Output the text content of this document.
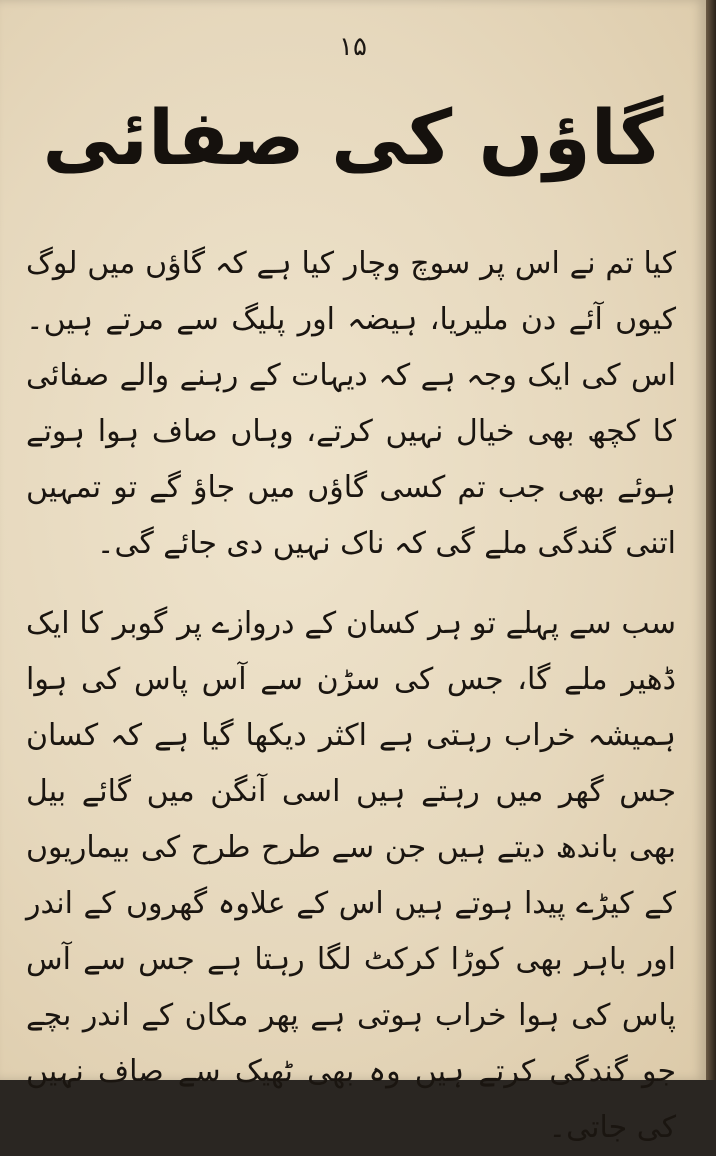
۱۵
گاؤں کی صفائی

کیا تم نے اس پر سوچ وچار کیا ہے کہ گاؤں میں لوگ کیوں آئے دن ملیریا، ہیضہ اور پلیگ سے مرتے ہیں۔ اس کی ایک وجہ ہے کہ دیہات کے رہنے والے صفائی کا کچھ بھی خیال نہیں کرتے، وہاں صاف ہوا ہوتے ہوئے بھی جب تم کسی گاؤں میں جاؤ گے تو تمہیں اتنی گندگی ملے گی کہ ناک نہیں دی جائے گی۔

سب سے پہلے تو ہر کسان کے دروازے پر گوبر کا ایک ڈھیر ملے گا، جس کی سڑن سے آس پاس کی ہوا ہمیشہ خراب رہتی ہے اکثر دیکھا گیا ہے کہ کسان جس گھر میں رہتے ہیں اسی آنگن میں گائے بیل بھی باندھ دیتے ہیں جن سے طرح طرح کی بیماریوں کے کیڑے پیدا ہوتے ہیں اس کے علاوہ گھروں کے اندر اور باہر بھی کوڑا کرکٹ لگا رہتا ہے جس سے آس پاس کی ہوا خراب ہوتی ہے پھر مکان کے اندر بچے جو گندگی کرتے ہیں وہ بھی ٹھیک سے صاف نہیں کی جاتی۔
